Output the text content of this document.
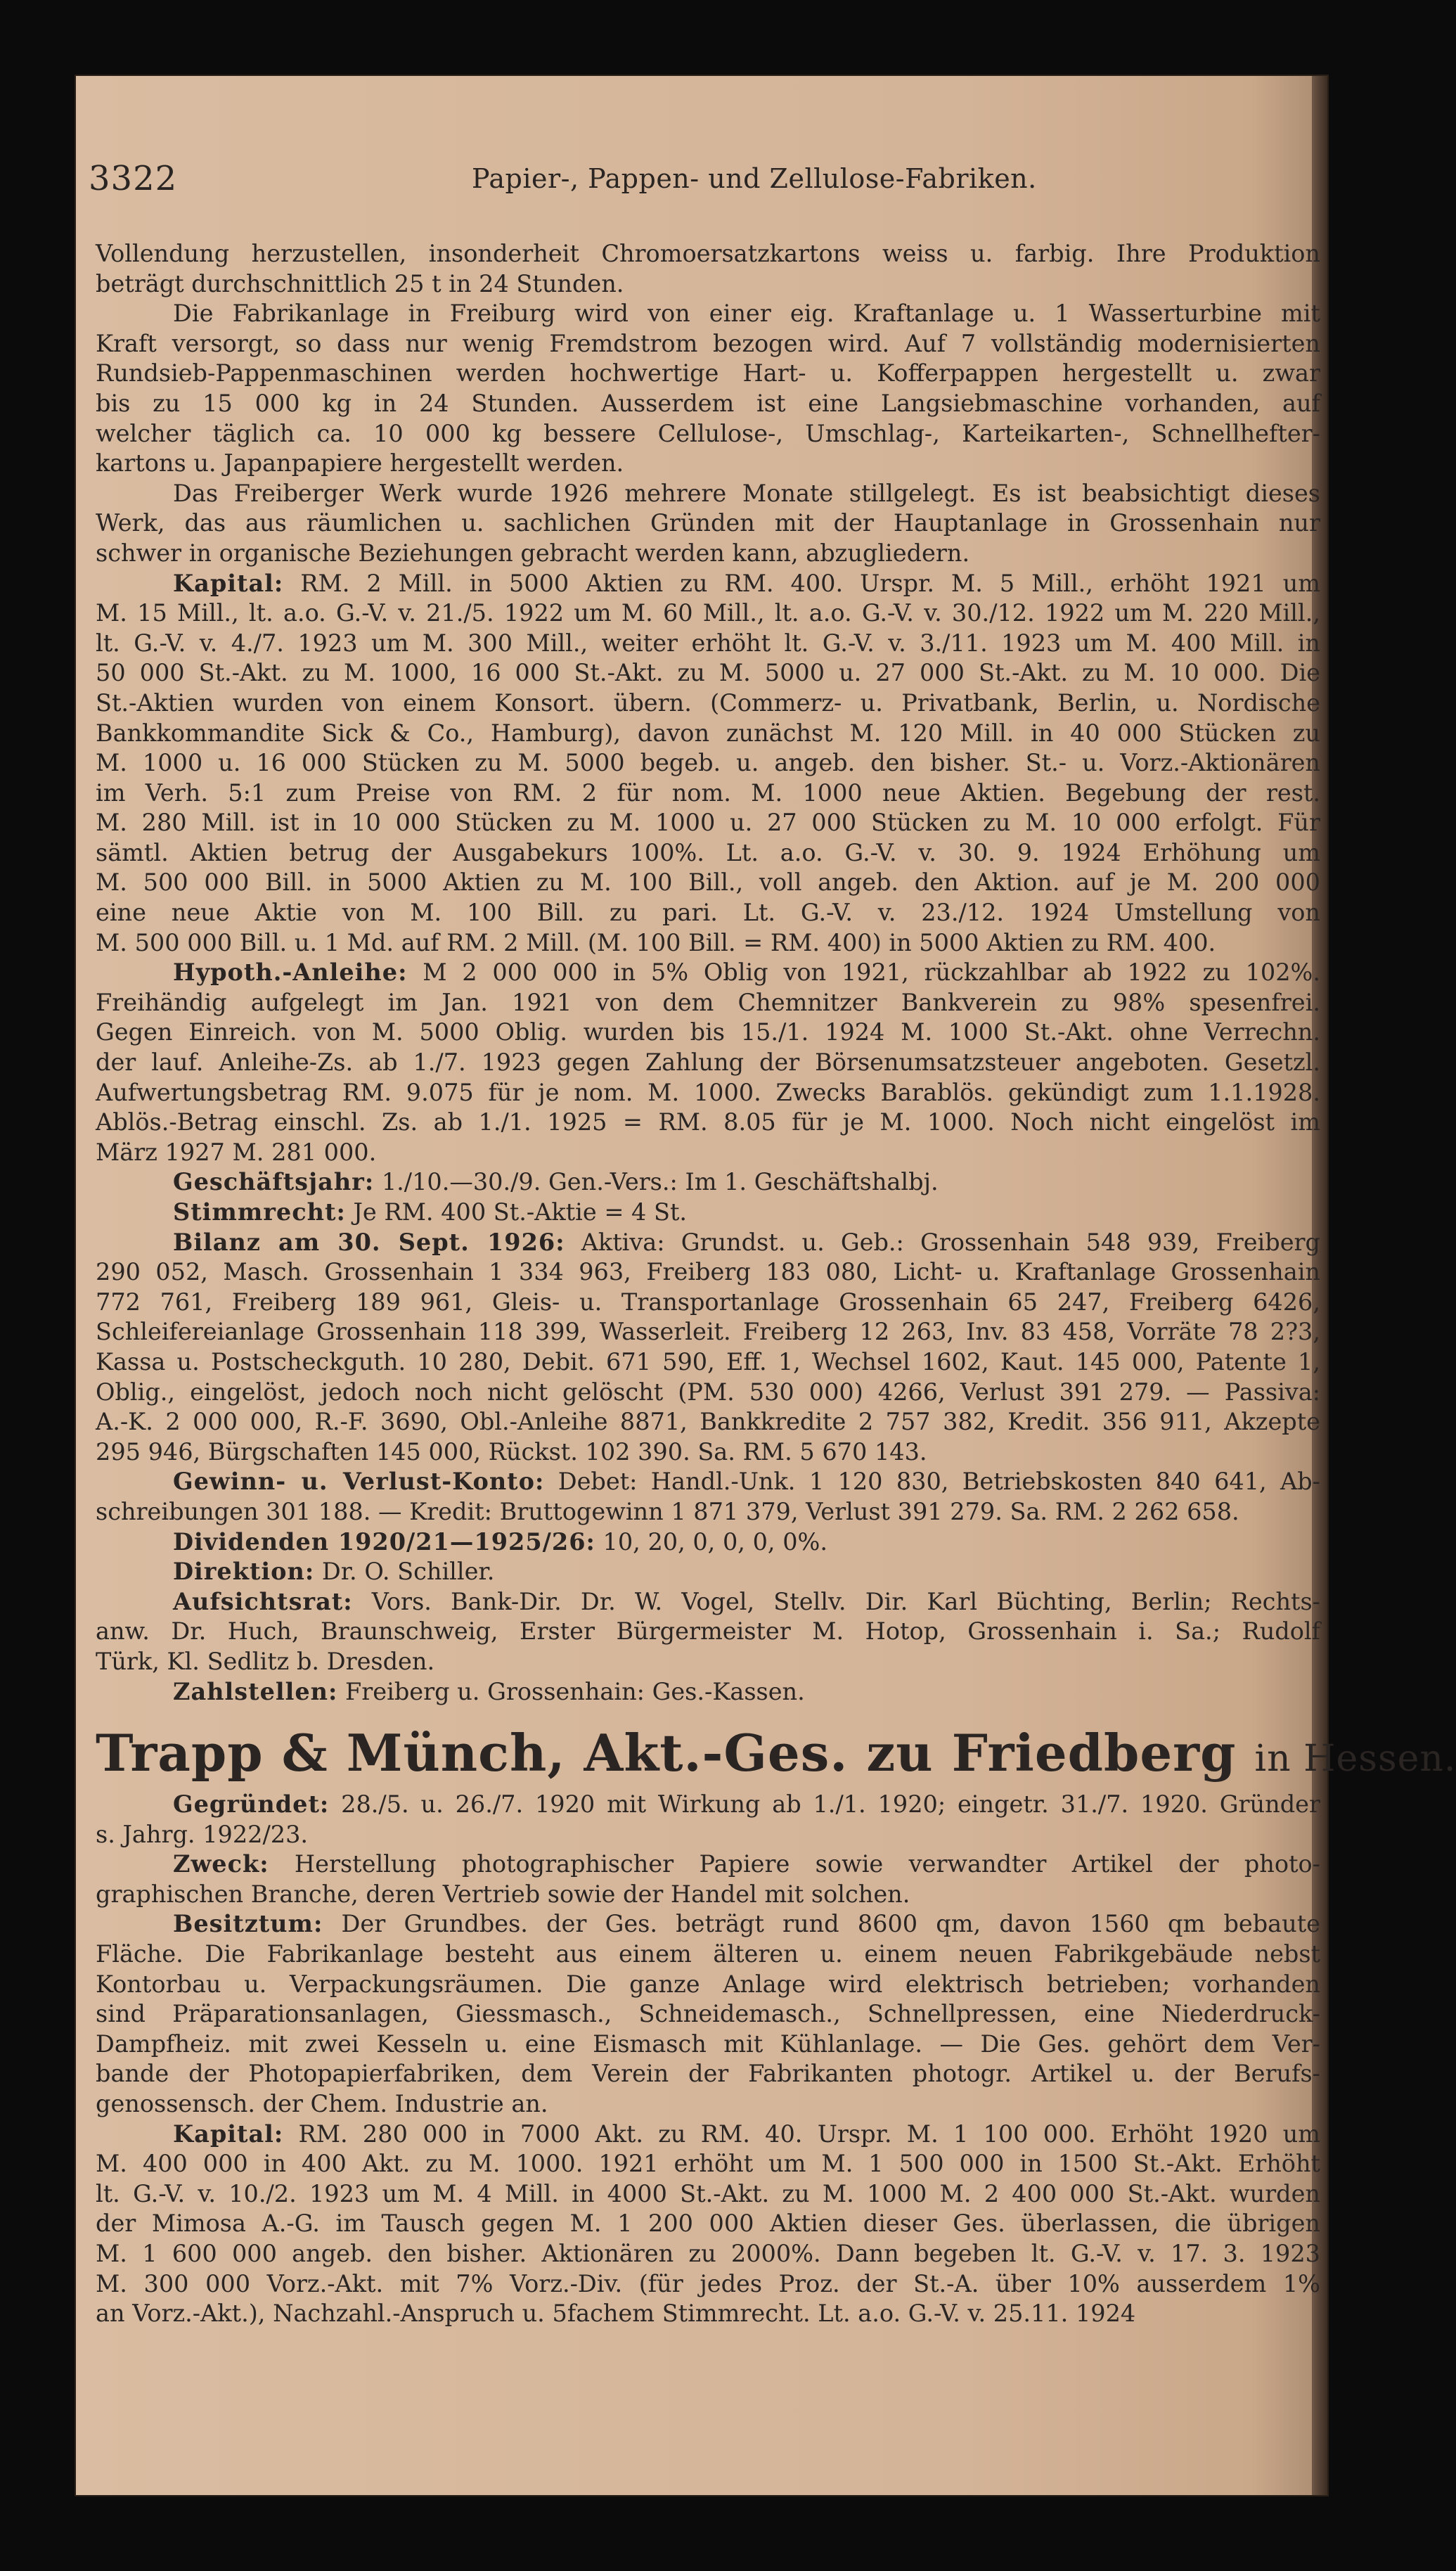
3322	Papier-, Pappen- und Zellulose-Fabriken.
Vollendung herzustellen, insonderheit Chromoersatzkartons weiss u. farbig. Ihre Produktion
beträgt durchschnittlich 25 t in 24 Stunden.
Die Fabrikanlage in Freiburg wird von einer eig. Kraftanlage u. 1 Wasserturbine mit
Kraft versorgt, so dass nur wenig Fremdstrom bezogen wird. Auf 7 vollständig modernisierten
Rundsieb-Pappenmaschinen werden hochwertige Hart- u. Kofferpappen hergestellt u. zwar
bis zu 15 000 kg in 24 Stunden. Ausserdem ist eine Langsiebmaschine vorhanden, auf
welcher täglich ca. 10 000 kg bessere Cellulose-, Umschlag-, Karteikarten-, Schnellhefter-
kartons u. Japanpapiere hergestellt werden.
Das Freiberger Werk wurde 1926 mehrere Monate stillgelegt. Es ist beabsichtigt dieses
Werk, das aus räumlichen u. sachlichen Gründen mit der Hauptanlage in Grossenhain nur
schwer in organische Beziehungen gebracht werden kann, abzugliedern.
Kapital: RM. 2 Mill. in 5000 Aktien zu RM. 400. Urspr. M. 5 Mill., erhöht 1921 um
M. 15 Mill., lt. a.o. G.-V. v. 21./5. 1922 um M. 60 Mill., lt. a.o. G.-V. v. 30./12. 1922 um M. 220 Mill.,
lt. G.-V. v. 4./7. 1923 um M. 300 Mill., weiter erhöht lt. G.-V. v. 3./11. 1923 um M. 400 Mill. in
50 000 St.-Akt. zu M. 1000, 16 000 St.-Akt. zu M. 5000 u. 27 000 St.-Akt. zu M. 10 000. Die
St.-Aktien wurden von einem Konsort. übern. (Commerz- u. Privatbank, Berlin, u. Nordische
Bankkommandite Sick & Co., Hamburg), davon zunächst M. 120 Mill. in 40 000 Stücken zu
M. 1000 u. 16 000 Stücken zu M. 5000 begeb. u. angeb. den bisher. St.- u. Vorz.-Aktionären
im Verh. 5:1 zum Preise von RM. 2 für nom. M. 1000 neue Aktien. Begebung der rest.
M. 280 Mill. ist in 10 000 Stücken zu M. 1000 u. 27 000 Stücken zu M. 10 000 erfolgt. Für
sämtl. Aktien betrug der Ausgabekurs 100%. Lt. a.o. G.-V. v. 30. 9. 1924 Erhöhung um
M. 500 000 Bill. in 5000 Aktien zu M. 100 Bill., voll angeb. den Aktion. auf je M. 200 000
eine neue Aktie von M. 100 Bill. zu pari. Lt. G.-V. v. 23./12. 1924 Umstellung von
M. 500 000 Bill. u. 1 Md. auf RM. 2 Mill. (M. 100 Bill. = RM. 400) in 5000 Aktien zu RM. 400.
Hypoth.-Anleihe: M 2 000 000 in 5% Oblig von 1921, rückzahlbar ab 1922 zu 102%.
Freihändig aufgelegt im Jan. 1921 von dem Chemnitzer Bankverein zu 98% spesenfrei.
Gegen Einreich. von M. 5000 Oblig. wurden bis 15./1. 1924 M. 1000 St.-Akt. ohne Verrechn.
der lauf. Anleihe-Zs. ab 1./7. 1923 gegen Zahlung der Börsenumsatzsteuer angeboten. Gesetzl.
Aufwertungsbetrag RM. 9.075 für je nom. M. 1000. Zwecks Barablös. gekündigt zum 1.1.1928.
Ablös.-Betrag einschl. Zs. ab 1./1. 1925 = RM. 8.05 für je M. 1000. Noch nicht eingelöst im
März 1927 M. 281 000.
Geschäftsjahr: 1./10.—30./9. Gen.-Vers.: Im 1. Geschäftshalbj.
Stimmrecht: Je RM. 400 St.-Aktie = 4 St.
Bilanz am 30. Sept. 1926: Aktiva: Grundst. u. Geb.: Grossenhain 548 939, Freiberg
290 052, Masch. Grossenhain 1 334 963, Freiberg 183 080, Licht- u. Kraftanlage Grossenhain
772 761, Freiberg 189 961, Gleis- u. Transportanlage Grossenhain 65 247, Freiberg 6426,
Schleifereianlage Grossenhain 118 399, Wasserleit. Freiberg 12 263, Inv. 83 458, Vorräte 78 2?3,
Kassa u. Postscheckguth. 10 280, Debit. 671 590, Eff. 1, Wechsel 1602, Kaut. 145 000, Patente 1,
Oblig., eingelöst, jedoch noch nicht gelöscht (PM. 530 000) 4266, Verlust 391 279. — Passiva:
A.-K. 2 000 000, R.-F. 3690, Obl.-Anleihe 8871, Bankkredite 2 757 382, Kredit. 356 911, Akzepte
295 946, Bürgschaften 145 000, Rückst. 102 390. Sa. RM. 5 670 143.
Gewinn- u. Verlust-Konto: Debet: Handl.-Unk. 1 120 830, Betriebskosten 840 641, Ab-
schreibungen 301 188. — Kredit: Bruttogewinn 1 871 379, Verlust 391 279. Sa. RM. 2 262 658.
Dividenden 1920/21—1925/26: 10, 20, 0, 0, 0, 0%.
Direktion: Dr. O. Schiller.
Aufsichtsrat: Vors. Bank-Dir. Dr. W. Vogel, Stellv. Dir. Karl Büchting, Berlin; Rechts-
anw. Dr. Huch, Braunschweig, Erster Bürgermeister M. Hotop, Grossenhain i. Sa.; Rudolf
Türk, Kl. Sedlitz b. Dresden.
Zahlstellen: Freiberg u. Grossenhain: Ges.-Kassen.
Trapp & Münch, Akt.-Ges. zu Friedberg in Hessen.
Gegründet: 28./5. u. 26./7. 1920 mit Wirkung ab 1./1. 1920; eingetr. 31./7. 1920. Gründer
s. Jahrg. 1922/23.
Zweck: Herstellung photographischer Papiere sowie verwandter Artikel der photo-
graphischen Branche, deren Vertrieb sowie der Handel mit solchen.
Besitztum: Der Grundbes. der Ges. beträgt rund 8600 qm, davon 1560 qm bebaute
Fläche. Die Fabrikanlage besteht aus einem älteren u. einem neuen Fabrikgebäude nebst
Kontorbau u. Verpackungsräumen. Die ganze Anlage wird elektrisch betrieben; vorhanden
sind Präparationsanlagen, Giessmasch., Schneidemasch., Schnellpressen, eine Niederdruck-
Dampfheiz. mit zwei Kesseln u. eine Eismasch mit Kühlanlage. — Die Ges. gehört dem Ver-
bande der Photopapierfabriken, dem Verein der Fabrikanten photogr. Artikel u. der Berufs-
genossensch. der Chem. Industrie an.
Kapital: RM. 280 000 in 7000 Akt. zu RM. 40. Urspr. M. 1 100 000. Erhöht 1920 um
M. 400 000 in 400 Akt. zu M. 1000. 1921 erhöht um M. 1 500 000 in 1500 St.-Akt. Erhöht
lt. G.-V. v. 10./2. 1923 um M. 4 Mill. in 4000 St.-Akt. zu M. 1000 M. 2 400 000 St.-Akt. wurden
der Mimosa A.-G. im Tausch gegen M. 1 200 000 Aktien dieser Ges. überlassen, die übrigen
M. 1 600 000 angeb. den bisher. Aktionären zu 2000%. Dann begeben lt. G.-V. v. 17. 3. 1923
M. 300 000 Vorz.-Akt. mit 7% Vorz.-Div. (für jedes Proz. der St.-A. über 10% ausserdem 1%
an Vorz.-Akt.), Nachzahl.-Anspruch u. 5fachem Stimmrecht. Lt. a.o. G.-V. v. 25.11. 1924
